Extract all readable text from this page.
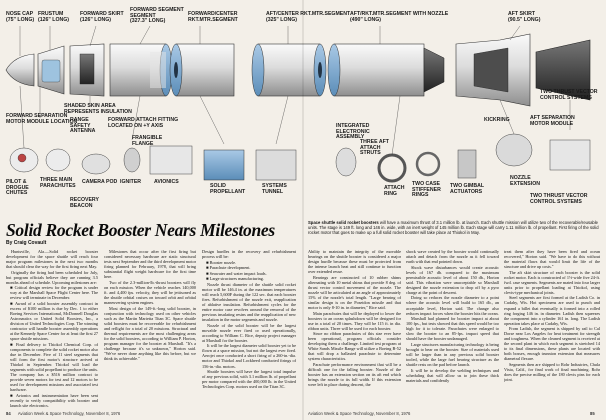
NOSE CAP
(75" LONG)
FRUSTUM
(126" LONG)
FORWARD SKIRT
(126" LONG)
FORWARD SEGMENT
SEGMENT
(327.3" LONG)
FORWARD/CENTER
RKT.MTR.SEGMENT
AFT/CENTER RKT.MTR.SEGMENT
(325" LONG)
AFT/RKT.MTR.SEGMENT WITH NOZZLE
(490" LONG)
AFT SKIRT
(90.5" LONG)
SHADED SKIN AREA
REPRESENTS INSULATION
FORWARD SEPARATION
MOTOR MODULE LOCATION
RANGE
SAFETY
ANTENNA
FORWARD ATTACH FITTING
LOCATED ON +Y AXIS
FRANGIBLE
FLANGE
PILOT &
DROGUE
CHUTES
THREE MAIN
PARACHUTES
RECOVERY
BEACON
CAMERA POD IGNITER AVIONICS
SOLID
PROPELLANT
SYSTEMS
TUNNEL
INTEGRATED
ELECTRONIC
ASSEMBLY
THREE AFT
ATTACH
STRUTS
ATTACH
RING
TWO CASE
STIFFENER
RINGS
TWO GIMBAL
ACTUATORS
KICKRING	AFT SEPARATION
MOTOR MODULE
NOZZLE
EXTENSION
TWO THRUST VECTOR
CONTROL SYSTEMS
TWO THRUST VECTOR
CONTROL SYSTEMS
Space shuttle solid rocket boosters will have a maximum thrust of 3.1 million lb. at launch. Each shuttle mission will utilize two of the recoverable/reusable units. The stage is 149 ft. long and 146 in. wide, with an inert weight of 145 million lb. Each stage will carry 1.11 million lb. of propellant. First firing of the solid rocket motor that goes to make up a full solid rocket booster will take place at Thiokol in May.
Solid Rocket Booster Nears Milestones
By Craig Covault

Huntsville, Ala.—Solid rocket booster development for the space shuttle will reach four major program milestones in the next two months that should clear the way for the first firing next May.

Originally the firing had been scheduled for July, but program officials believe they are running 3.5 months ahead of schedule. Upcoming milestones are:

■ Critical design review for the program is under way at the Marshall Space Flight Center here. The review will terminate in December.

■ Award of a solid booster assembly contract in excess of $100 million is due by Dec. 1 to either Boeing Services International, McDonnell Douglas Astronautics or United Solid Boosters, Inc., a division of United Technologies Corp. The winning contractor will handle booster assembly operations at the Kennedy Space Center for at least the first 27 space shuttle missions.

■ Final delivery to Thiokol Chemical Corp. of components to complete the solid rocket motor also due in December. Five of 11 steel segments that will form the first motor's structure arrived at Thiokol in September. Thiokol will load the segments with solid propellant to produce the units. The company has a $516 million contract to provide seven motors for test and 12 motors to be used for development missions and associated test hardware.

■ Avionics and instrumentation have been sent recently to verify compatibility with booster and launch site electronics.

Milestones that occur after the first firing but considered necessary hardware are static structural tests next September and the third development motor firing planned for February, 1978, that will bring substantial flight weight hardware for the first time here.

Two of the 2.3-million-lb.-thrust boosters will fly on each mission. When the vehicle reaches 140,000 ft. and 4,400 fps. velocity, they will be jettisoned as the shuttle orbital cruises on toward orbit and orbital maneuvering system engines.

Most design of the 149-ft.-long solid booster, in conjunction with technology used on other vehicles such as the Martin Marietta Titan 3C. Space shuttle solid boosters must be recoverable for refurbishment and reflight for a total of 20 missions. Structural and thermal requirements are the most challenging areas for the solid boosters, according to William P. Horton, program manager for the booster at Marshall. "It's a challenge because it's so unknown," Horton said. "We've never done anything like this before, but we think its achievable."

Design hurdles in the recovery and refurbishment process will be:

■ Booster nozzle.

■ Parachute development.

■ Seawater and water impact loads.

■ Large structures manufacturing.

Nozzle thrust diameter of the shuttle solid rocket motor will be 146.4 in. at the maximum temperatures will reach 5,600F during the 122 sec. that each booster fires. Refurbishment of the nozzle exit, reapplication of ablative insulation. Refurbishment cycles for the entire motor case revolves around the removal of the previous insulating resins and the reapplication of new insulation in the motor segments and nozzle.

Nozzle of the solid booster will be the largest movable nozzle ever fired or used operationally, according to William C. Rice, deputy project manager at Marshall for the booster.

It will be the largest diameter solid booster yet to be flown at a space mission, but not the largest ever fired. Aerojet once conducted a short firing of a 260-in.-dia. motor and Thiokol and Lockheed conducted firings of 156-in.-dia. motors.

Shuttle boosters will have the largest total impulse of any previous solid, with 3.1 million lb. of propellant per motor compared with the 400,000 lb. in the United Technologies Corp. motors used on the Titan 3C.

Ability to maintain the integrity of the movable bearings on the shuttle booster is considered a major design hurdle because these must be protected from the intense launch heat and still continue to function over extended reuse.

Bearings are constructed of 10 rubber shims alternating with 10 metal shims that provide 8 deg. of thrust vector control movement of the nozzle. The nozzle will be articulated at an angle of approximately 15% of the nozzle's total length. "Large bearing of similar design is on the Poseidon missile and that motor is only 8-10 in. in diameter," Rice said.

Main parachutes that will be deployed to lower the boosters to an ocean splashdown will be designed for use in a total of 20 times. They will be 115 ft. in dia. ribbon units. Three will be used for each booster.

Since no ribbon parachutes of this size ever have been operational, program officials consider developing them a challenge. Limited test program at White Sands Missile Range will utilize a Boeing B-52 that will drop a ballasted parachute to determine system characteristics.

Parachute performance environment that will be a difficult one for the falling booster. Nozzle of the booster has an extension section on its aft end which brings the nozzle to its full width. If this extension were left in place during descent, the

shock wave created by the booster would continually attach and detach from the nozzle as it fell toward earth with that end pointed down.

Shock wave disturbances would create acoustic levels of 167 db. compared to the maximum permissible acoustic level of about 150 db., Horton said. This vibration were unacceptable so Marshall designed the nozzle extension to drop off by a pyro charge at the point of descent.

Doing so reduces the nozzle diameter to a point where the acoustic level will build to 165 db., an acceptable level, Horton said. The change also reduces impact forces when the booster hits the ocean.

Marshall had planned for booster impact at about 100 fps., but tests showed that this speed would be too high for it to tolerate. Parachutes were enlarged to slow the booster to an 85-fps. impact speed that should have the booster undamaged.

Large structures manufacturing technology is being brought to bear on the booster. Size of materials used will be larger than in any previous solid booster tooled, while the large fuel bearing structure as the shuttle rests on the pad before launch.

It will be to develop the welding techniques and scheduling that will allow us to join these thick materials and confidently

treat them after they have been fired and ocean recovered," Horton said. "We have to do this without the material flaws that would limit the life of the structure and drive up costs."

The aft skirt structure of each booster is the solid rocket motor. Each is constructed of 1½-wide five 24-ft. fwd. case segments. Segments are mated into four larger units prior to propellant loading at Thiokol, using clevis-type mechanical joints.

Steel segments are first formed at the Ladish Co. in Cudahy, Wis. Hot specimens are used to punch and expand a billet that eventually is formed into a rolled ring forging 146 in. in diameter. Ladish then squeezes the component into a cylinder 161 in. long. The Ladish operation takes place at Cudahy, Wis.

From Ladish, the segment is shipped by rail to Cal Dorse near Los Angeles for heat treatment for strength and toughness. When the cleaned segment is received at the second plant in which each segment is stretched 14 to its final dimensions, these plants are located with both bosses, enough trunnion extension that measures diametral flexure.

Segments then are shipped to Rohr Industries, Chula Vista, Calif., for final work of final machining. Rohr does the precise milling of the 180 clevis pins for each joint.

84 Aviation Week & Space Technology, November 8, 1976	Aviation Week & Space Technology, November 8, 1976	85
